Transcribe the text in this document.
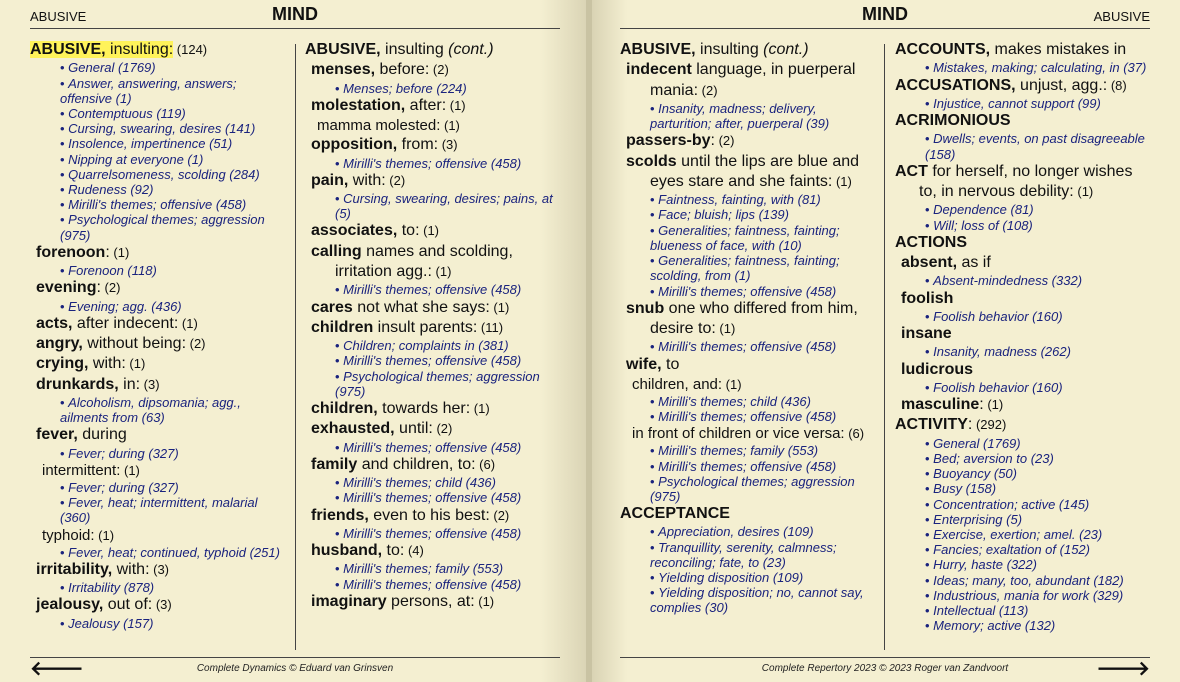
ABUSIVE	MIND
ABUSIVE, insulting: (124)
• General (1769)
• Answer, answering, answers; offensive (1)
• Contemptuous (119)
• Cursing, swearing, desires (141)
• Insolence, impertinence (51)
• Nipping at everyone (1)
• Quarrelsomeness, scolding (284)
• Rudeness (92)
• Mirilli's themes; offensive (458)
• Psychological themes; aggression (975)
forenoon: (1)
• Forenoon (118)
evening: (2)
• Evening; agg. (436)
acts, after indecent: (1)
angry, without being: (2)
crying, with: (1)
drunkards, in: (3)
• Alcoholism, dipsomania; agg., ailments from (63)
fever, during
• Fever; during (327)
intermittent: (1)
• Fever; during (327)
• Fever, heat; intermittent, malarial (360)
typhoid: (1)
• Fever, heat; continued, typhoid (251)
irritability, with: (3)
• Irritability (878)
jealousy, out of: (3)
• Jealousy (157)
ABUSIVE, insulting (cont.)
menses, before: (2)
• Menses; before (224)
molestation, after: (1)
mamma molested: (1)
opposition, from: (3)
• Mirilli's themes; offensive (458)
pain, with: (2)
• Cursing, swearing, desires; pains, at (5)
associates, to: (1)
calling names and scolding,
irritation agg.: (1)
• Mirilli's themes; offensive (458)
cares not what she says: (1)
children insult parents: (11)
• Children; complaints in (381)
• Mirilli's themes; offensive (458)
• Psychological themes; aggression (975)
children, towards her: (1)
exhausted, until: (2)
• Mirilli's themes; offensive (458)
family and children, to: (6)
• Mirilli's themes; child (436)
• Mirilli's themes; offensive (458)
friends, even to his best: (2)
• Mirilli's themes; offensive (458)
husband, to: (4)
• Mirilli's themes; family (553)
• Mirilli's themes; offensive (458)
imaginary persons, at: (1)
🡐	Complete Dynamics © Eduard van Grinsven
MIND	ABUSIVE
ABUSIVE, insulting (cont.)
indecent language, in puerperal
mania: (2)
• Insanity, madness; delivery, parturition; after, puerperal (39)
passers-by: (2)
scolds until the lips are blue and
eyes stare and she faints: (1)
• Faintness, fainting, with (81)
• Face; bluish; lips (139)
• Generalities; faintness, fainting; blueness of face, with (10)
• Generalities; faintness, fainting; scolding, from (1)
• Mirilli's themes; offensive (458)
snub one who differed from him,
desire to: (1)
• Mirilli's themes; offensive (458)
wife, to
children, and: (1)
• Mirilli's themes; child (436)
• Mirilli's themes; offensive (458)
in front of children or vice versa: (6)
• Mirilli's themes; family (553)
• Mirilli's themes; offensive (458)
• Psychological themes; aggression (975)
ACCEPTANCE
• Appreciation, desires (109)
• Tranquillity, serenity, calmness; reconciling; fate, to (23)
• Yielding disposition (109)
• Yielding disposition; no, cannot say, complies (30)
ACCOUNTS, makes mistakes in
• Mistakes, making; calculating, in (37)
ACCUSATIONS, unjust, agg.: (8)
• Injustice, cannot support (99)
ACRIMONIOUS
• Dwells; events, on past disagreeable (158)
ACT for herself, no longer wishes
to, in nervous debility: (1)
• Dependence (81)
• Will; loss of (108)
ACTIONS
absent, as if
• Absent-mindedness (332)
foolish
• Foolish behavior (160)
insane
• Insanity, madness (262)
ludicrous
• Foolish behavior (160)
masculine: (1)
ACTIVITY: (292)
• General (1769)
• Bed; aversion to (23)
• Buoyancy (50)
• Busy (158)
• Concentration; active (145)
• Enterprising (5)
• Exercise, exertion; amel. (23)
• Fancies; exaltation of (152)
• Hurry, haste (322)
• Ideas; many, too, abundant (182)
• Industrious, mania for work (329)
• Intellectual (113)
• Memory; active (132)
Complete Repertory 2023 © 2023 Roger van Zandvoort	🡒
